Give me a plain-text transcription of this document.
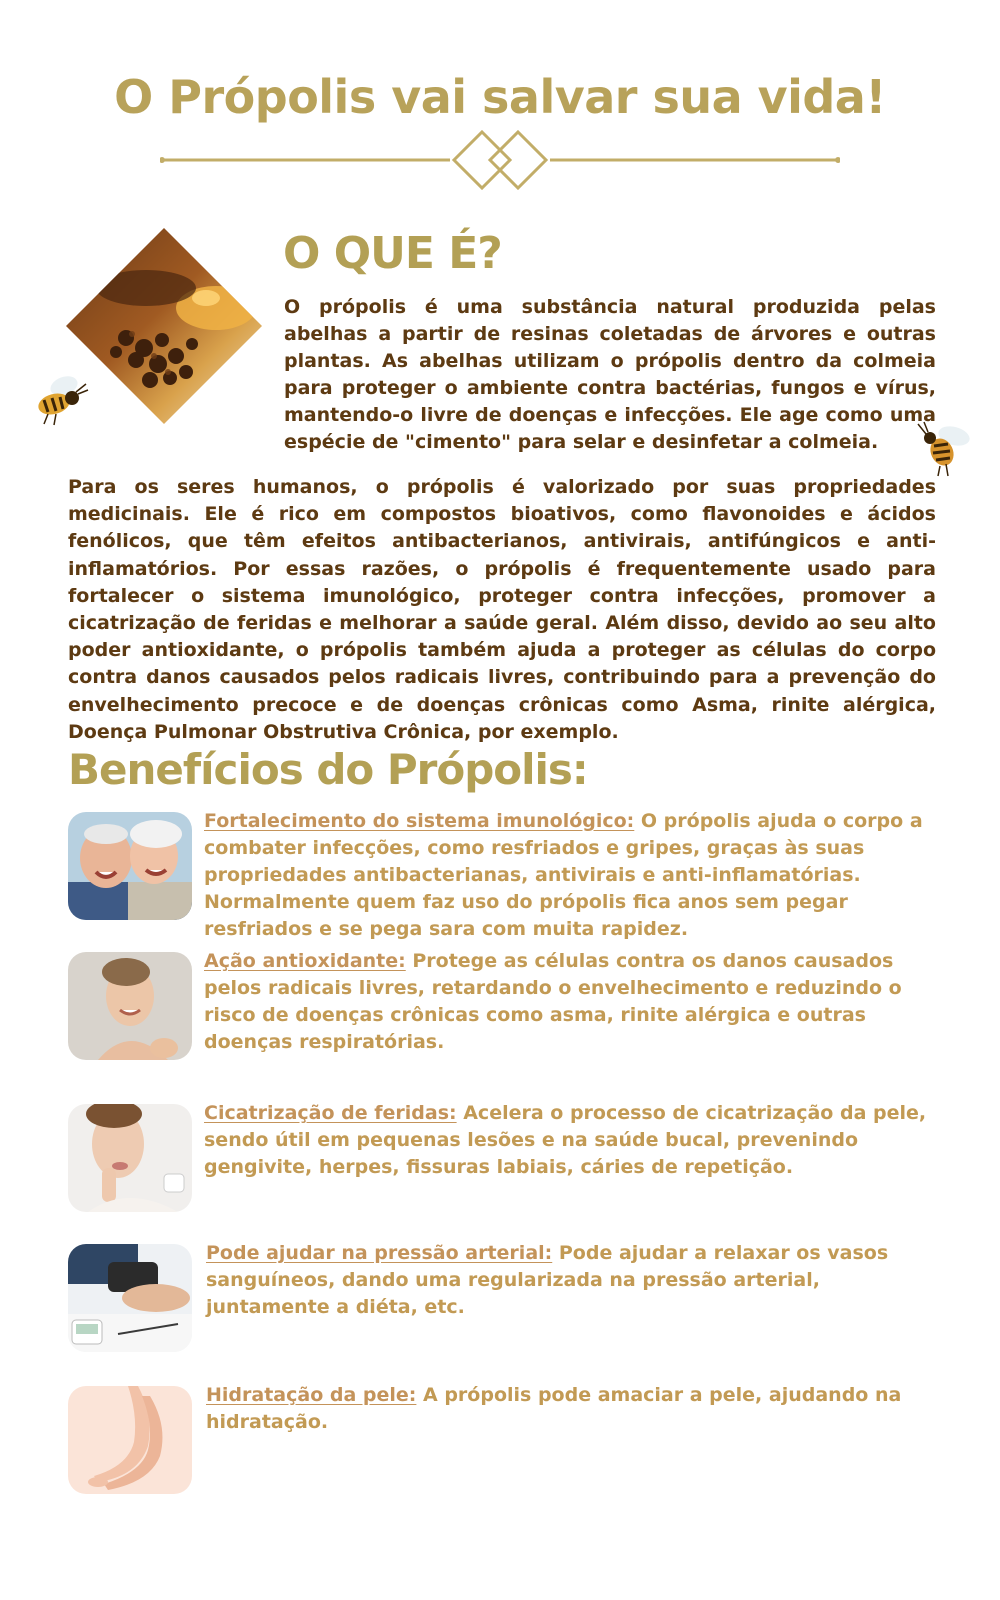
O Própolis vai salvar sua vida!
O QUE É?
O própolis é uma substância natural produzida pelas abelhas a partir de resinas coletadas de árvores e outras plantas. As abelhas utilizam o própolis dentro da colmeia para proteger o ambiente contra bactérias, fungos e vírus, mantendo-o livre de doenças e infecções. Ele age como uma espécie de "cimento" para selar e desinfetar a colmeia.
Para os seres humanos, o própolis é valorizado por suas propriedades medicinais. Ele é rico em compostos bioativos, como flavonoides e ácidos fenólicos, que têm efeitos antibacterianos, antivirais, antifúngicos e anti-inflamatórios. Por essas razões, o própolis é frequentemente usado para fortalecer o sistema imunológico, proteger contra infecções, promover a cicatrização de feridas e melhorar a saúde geral. Além disso, devido ao seu alto poder antioxidante, o própolis também ajuda a proteger as células do corpo contra danos causados pelos radicais livres, contribuindo para a prevenção do envelhecimento precoce e de doenças crônicas como Asma, rinite alérgica, Doença Pulmonar Obstrutiva Crônica, por exemplo.
Benefícios do Própolis:
Fortalecimento do sistema imunológico: O própolis ajuda o corpo a combater infecções, como resfriados e gripes, graças às suas propriedades antibacterianas, antivirais e anti-inflamatórias. Normalmente quem faz uso do própolis fica anos sem pegar resfriados e se pega sara com muita rapidez.
Ação antioxidante: Protege as células contra os danos causados pelos radicais livres, retardando o envelhecimento e reduzindo o risco de doenças crônicas como asma, rinite alérgica e outras doenças respiratórias.
Cicatrização de feridas: Acelera o processo de cicatrização da pele, sendo útil em pequenas lesões e na saúde bucal, prevenindo gengivite, herpes, fissuras labiais, cáries de repetição.
Pode ajudar na pressão arterial: Pode ajudar a relaxar os vasos sanguíneos, dando uma regularizada na pressão arterial, juntamente a diéta, etc.
Hidratação da pele: A própolis pode amaciar a pele, ajudando na hidratação.
